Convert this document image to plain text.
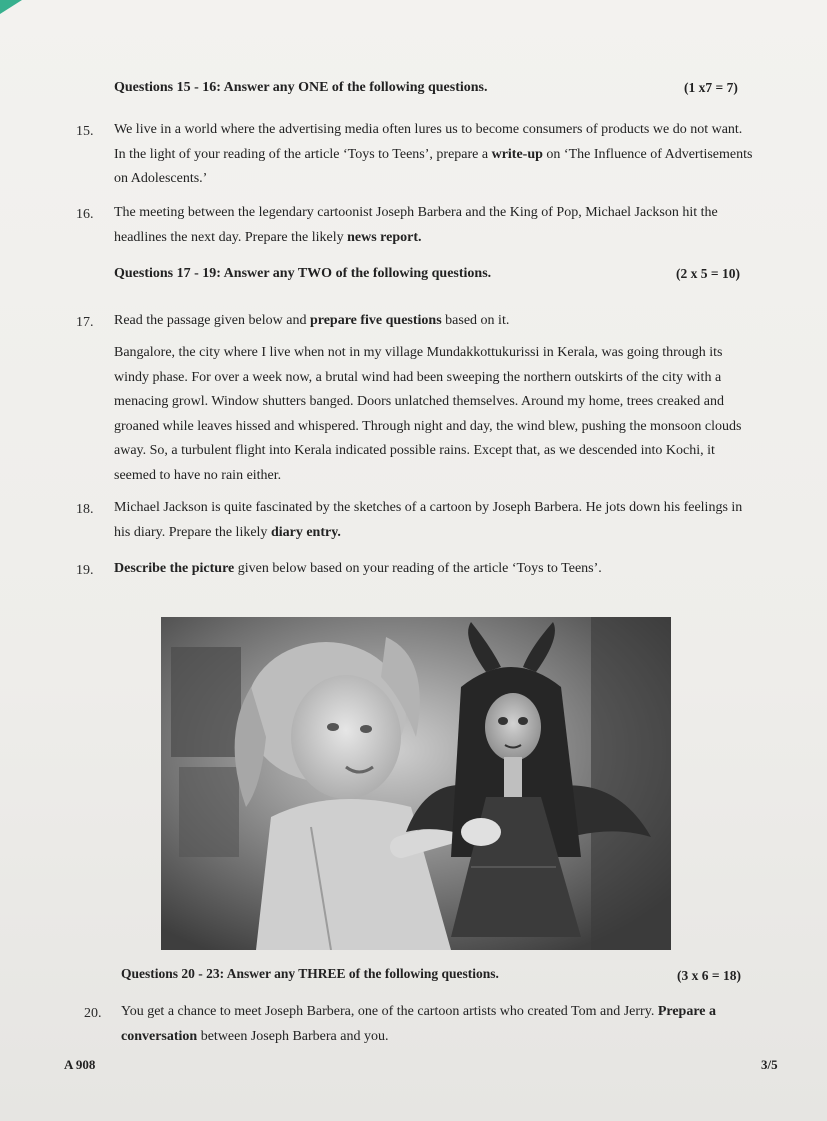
Questions 15 - 16: Answer any ONE of the following questions.	(1 x7 = 7)
15. We live in a world where the advertising media often lures us to become consumers of products we do not want. In the light of your reading of the article ‘Toys to Teens’, prepare a write-up on ‘The Influence of Advertisements on Adolescents.’
16. The meeting between the legendary cartoonist Joseph Barbera and the King of Pop, Michael Jackson hit the headlines the next day. Prepare the likely news report.
Questions 17 - 19: Answer any TWO of the following questions.	(2 x 5 = 10)
17. Read the passage given below and prepare five questions based on it.
Bangalore, the city where I live when not in my village Mundakkottukurissi in Kerala, was going through its windy phase. For over a week now, a brutal wind had been sweeping the northern outskirts of the city with a menacing growl. Window shutters banged. Doors unlatched themselves. Around my home, trees creaked and groaned while leaves hissed and whispered. Through night and day, the wind blew, pushing the monsoon clouds away. So, a turbulent flight into Kerala indicated possible rains. Except that, as we descended into Kochi, it seemed to have no rain either.
18. Michael Jackson is quite fascinated by the sketches of a cartoon by Joseph Barbera. He jots down his feelings in his diary. Prepare the likely diary entry.
19. Describe the picture given below based on your reading of the article ‘Toys to Teens’.
Questions 20 - 23: Answer any THREE of the following questions.	(3 x 6 = 18)
20. You get a chance to meet Joseph Barbera, one of the cartoon artists who created Tom and Jerry. Prepare a conversation between Joseph Barbera and you.
A 908	3/5
